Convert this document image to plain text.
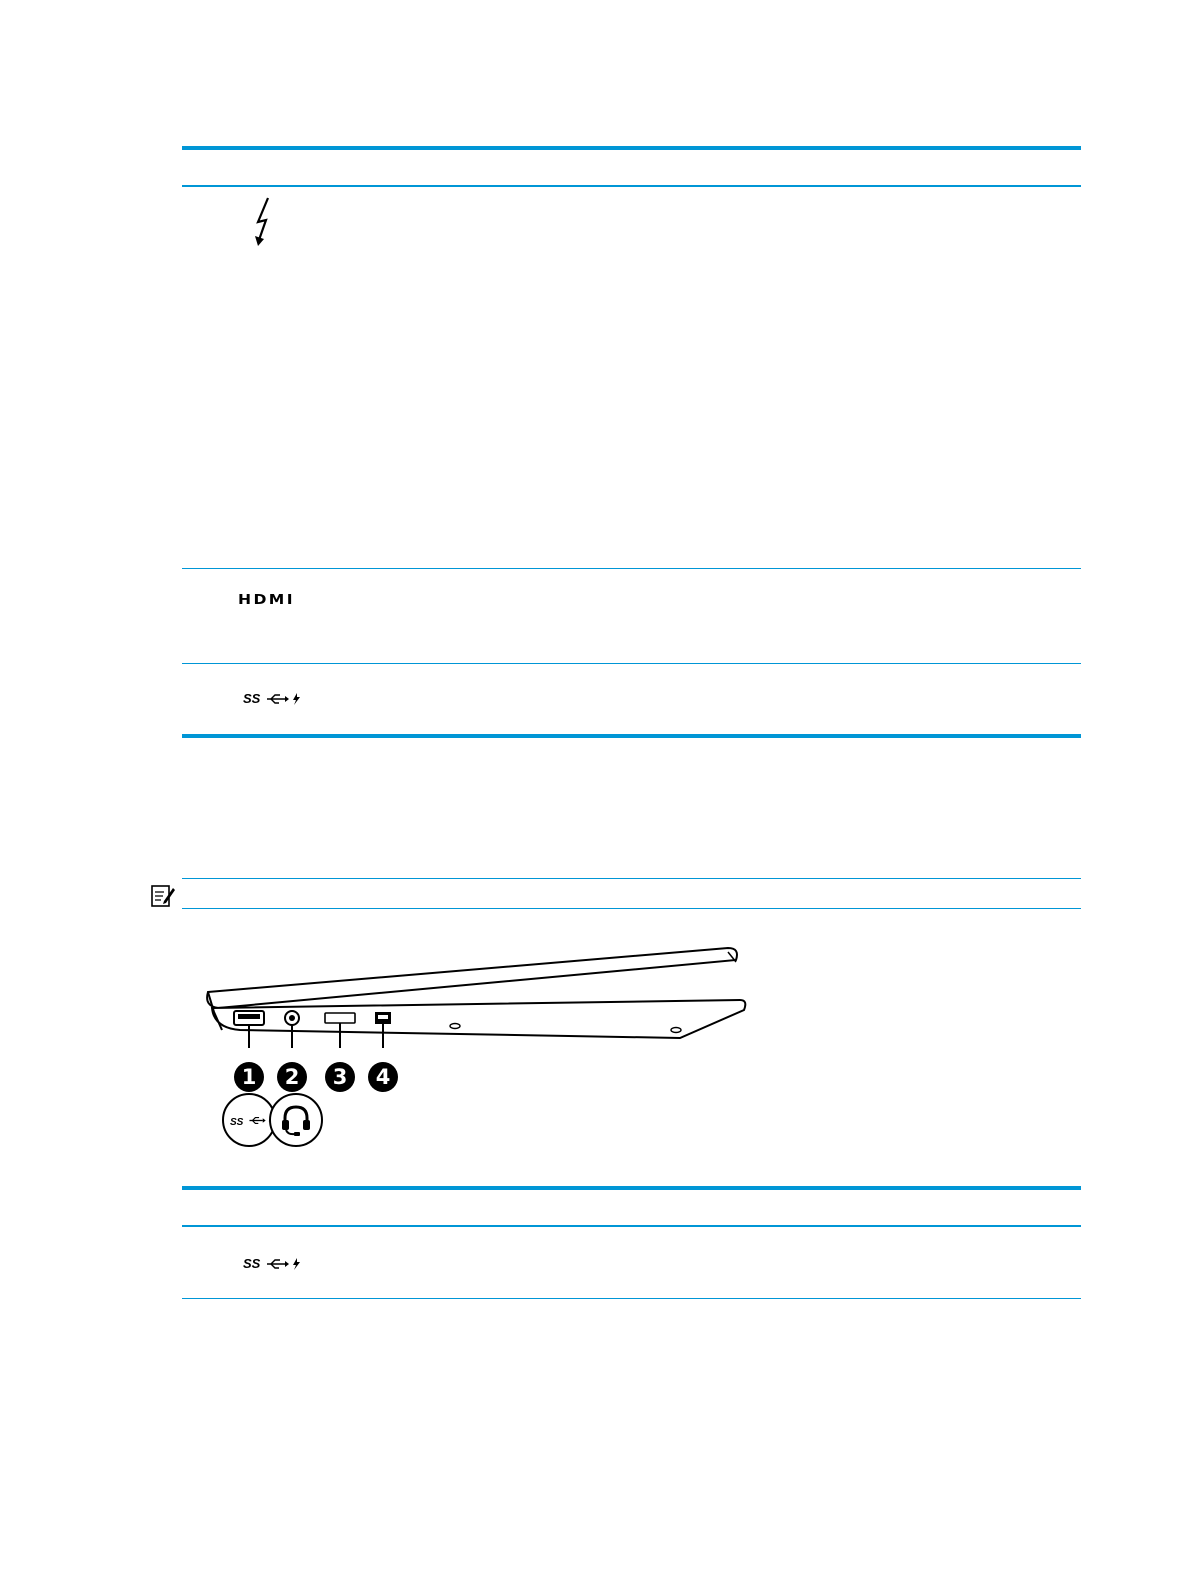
HDMI
SS
1	2	3	4
SS
SS
